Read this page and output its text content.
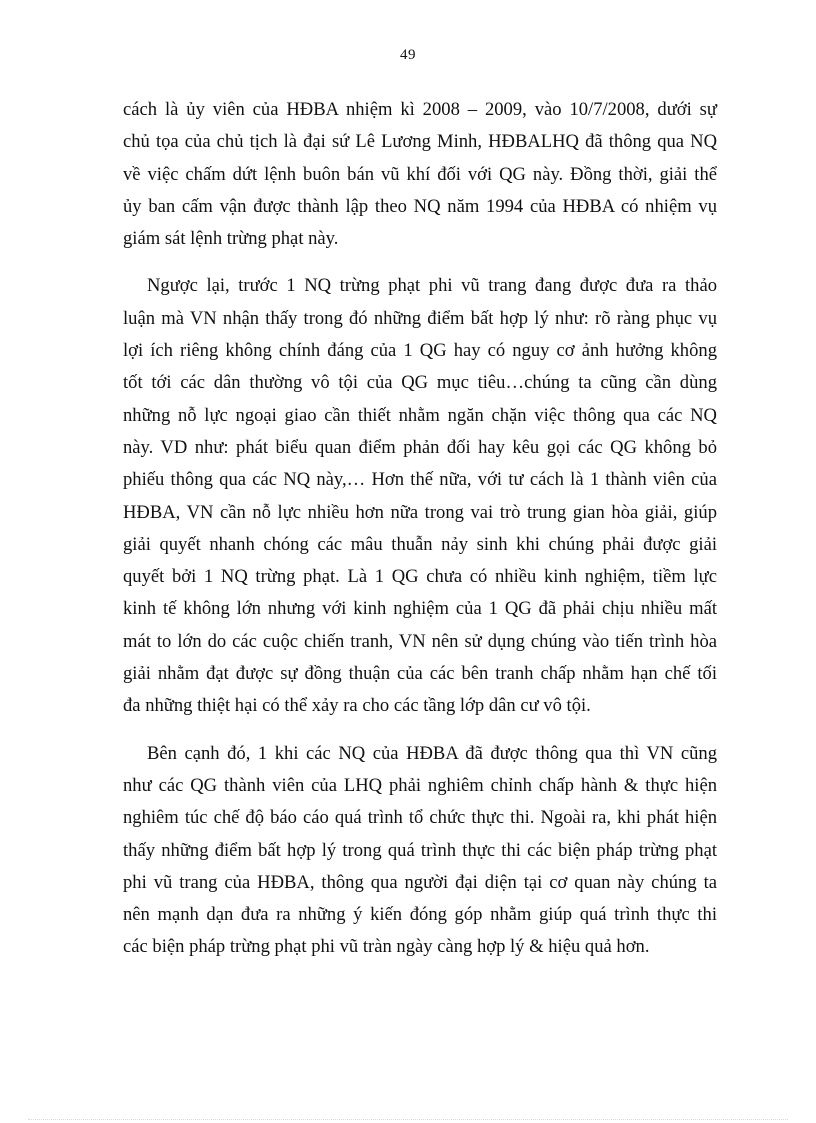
49

cách là ủy viên của HĐBA nhiệm kì 2008 – 2009, vào 10/7/2008, dưới sự
chủ tọa của chủ tịch là đại sứ Lê Lương Minh, HĐBALHQ đã thông qua NQ
về việc chấm dứt lệnh buôn bán vũ khí đối với QG này. Đồng thời, giải thể
ủy ban cấm vận được thành lập theo NQ năm 1994 của HĐBA có nhiệm vụ
giám sát lệnh trừng phạt này.

Ngược lại, trước 1 NQ trừng phạt phi vũ trang đang được đưa ra thảo
luận mà VN nhận thấy trong đó những điểm bất hợp lý như: rõ ràng phục vụ
lợi ích riêng không chính đáng của 1 QG hay có nguy cơ ảnh hưởng không
tốt tới các dân thường vô tội của QG mục tiêu…chúng ta cũng cần dùng
những nỗ lực ngoại giao cần thiết nhằm ngăn chặn việc thông qua các NQ
này. VD như: phát biểu quan điểm phản đối hay kêu gọi các QG không bỏ
phiếu thông qua các NQ này,… Hơn thế nữa, với tư cách là 1 thành viên của
HĐBA, VN cần nỗ lực nhiều hơn nữa trong vai trò trung gian hòa giải, giúp
giải quyết nhanh chóng các mâu thuẫn nảy sinh khi chúng phải được giải
quyết bởi 1 NQ trừng phạt. Là 1 QG chưa có nhiều kinh nghiệm, tiềm lực
kinh tế không lớn nhưng với kinh nghiệm của 1 QG đã phải chịu nhiều mất
mát to lớn do các cuộc chiến tranh, VN nên sử dụng chúng vào tiến trình hòa
giải nhằm đạt được sự đồng thuận của các bên tranh chấp nhằm hạn chế tối
đa những thiệt hại có thể xảy ra cho các tầng lớp dân cư vô tội.

Bên cạnh đó, 1 khi các NQ của HĐBA đã được thông qua thì VN cũng
như các QG thành viên của LHQ phải nghiêm chỉnh chấp hành & thực hiện
nghiêm túc chế độ báo cáo quá trình tổ chức thực thi. Ngoài ra, khi phát hiện
thấy những điểm bất hợp lý trong quá trình thực thi các biện pháp trừng phạt
phi vũ trang của HĐBA, thông qua người đại diện tại cơ quan này chúng ta
nên mạnh dạn đưa ra những ý kiến đóng góp nhằm giúp quá trình thực thi
các biện pháp trừng phạt phi vũ tràn ngày càng hợp lý & hiệu quả hơn.
